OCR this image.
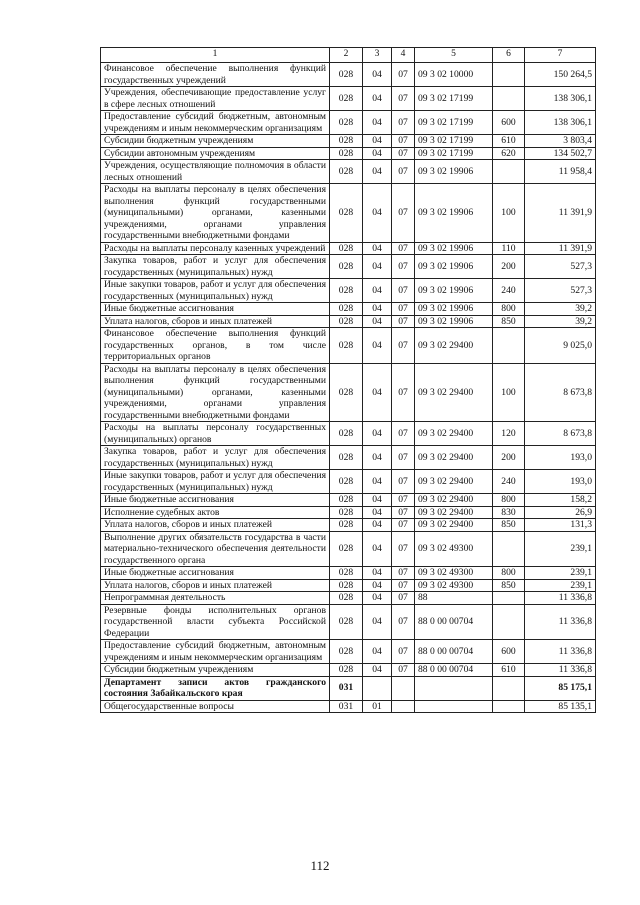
1	2	3	4	5	6	7
Финансовое обеспечение выполнения функций государственных учреждений	028	04	07	09 3 02 10000		150 264,5
Учреждения, обеспечивающие предоставление услуг в сфере лесных отношений	028	04	07	09 3 02 17199		138 306,1
Предоставление субсидий бюджетным, автономным учреждениям и иным некоммерческим организациям	028	04	07	09 3 02 17199	600	138 306,1
Субсидии бюджетным учреждениям	028	04	07	09 3 02 17199	610	3 803,4
Субсидии автономным учреждениям	028	04	07	09 3 02 17199	620	134 502,7
Учреждения, осуществляющие полномочия в области лесных отношений	028	04	07	09 3 02 19906		11 958,4
Расходы на выплаты персоналу в целях обеспечения выполнения функций государственными (муниципальными) органами, казенными учреждениями, органами управления государственными внебюджетными фондами	028	04	07	09 3 02 19906	100	11 391,9
Расходы на выплаты персоналу казенных учреждений	028	04	07	09 3 02 19906	110	11 391,9
Закупка товаров, работ и услуг для обеспечения государственных (муниципальных) нужд	028	04	07	09 3 02 19906	200	527,3
Иные закупки товаров, работ и услуг для обеспечения государственных (муниципальных) нужд	028	04	07	09 3 02 19906	240	527,3
Иные бюджетные ассигнования	028	04	07	09 3 02 19906	800	39,2
Уплата налогов, сборов и иных платежей	028	04	07	09 3 02 19906	850	39,2
Финансовое обеспечение выполнения функций государственных органов, в том числе территориальных органов	028	04	07	09 3 02 29400		9 025,0
Расходы на выплаты персоналу в целях обеспечения выполнения функций государственными (муниципальными) органами, казенными учреждениями, органами управления государственными внебюджетными фондами	028	04	07	09 3 02 29400	100	8 673,8
Расходы на выплаты персоналу государственных (муниципальных) органов	028	04	07	09 3 02 29400	120	8 673,8
Закупка товаров, работ и услуг для обеспечения государственных (муниципальных) нужд	028	04	07	09 3 02 29400	200	193,0
Иные закупки товаров, работ и услуг для обеспечения государственных (муниципальных) нужд	028	04	07	09 3 02 29400	240	193,0
Иные бюджетные ассигнования	028	04	07	09 3 02 29400	800	158,2
Исполнение судебных актов	028	04	07	09 3 02 29400	830	26,9
Уплата налогов, сборов и иных платежей	028	04	07	09 3 02 29400	850	131,3
Выполнение других обязательств государства в части материально-технического обеспечения деятельности государственного органа	028	04	07	09 3 02 49300		239,1
Иные бюджетные ассигнования	028	04	07	09 3 02 49300	800	239,1
Уплата налогов, сборов и иных платежей	028	04	07	09 3 02 49300	850	239,1
Непрограммная деятельность	028	04	07	88		11 336,8
Резервные фонды исполнительных органов государственной власти субъекта Российской Федерации	028	04	07	88 0 00 00704		11 336,8
Предоставление субсидий бюджетным, автономным учреждениям и иным некоммерческим организациям	028	04	07	88 0 00 00704	600	11 336,8
Субсидии бюджетным учреждениям	028	04	07	88 0 00 00704	610	11 336,8
Департамент записи актов гражданского состояния Забайкальского края	031					85 175,1
Общегосударственные вопросы	031	01				85 135,1
112
